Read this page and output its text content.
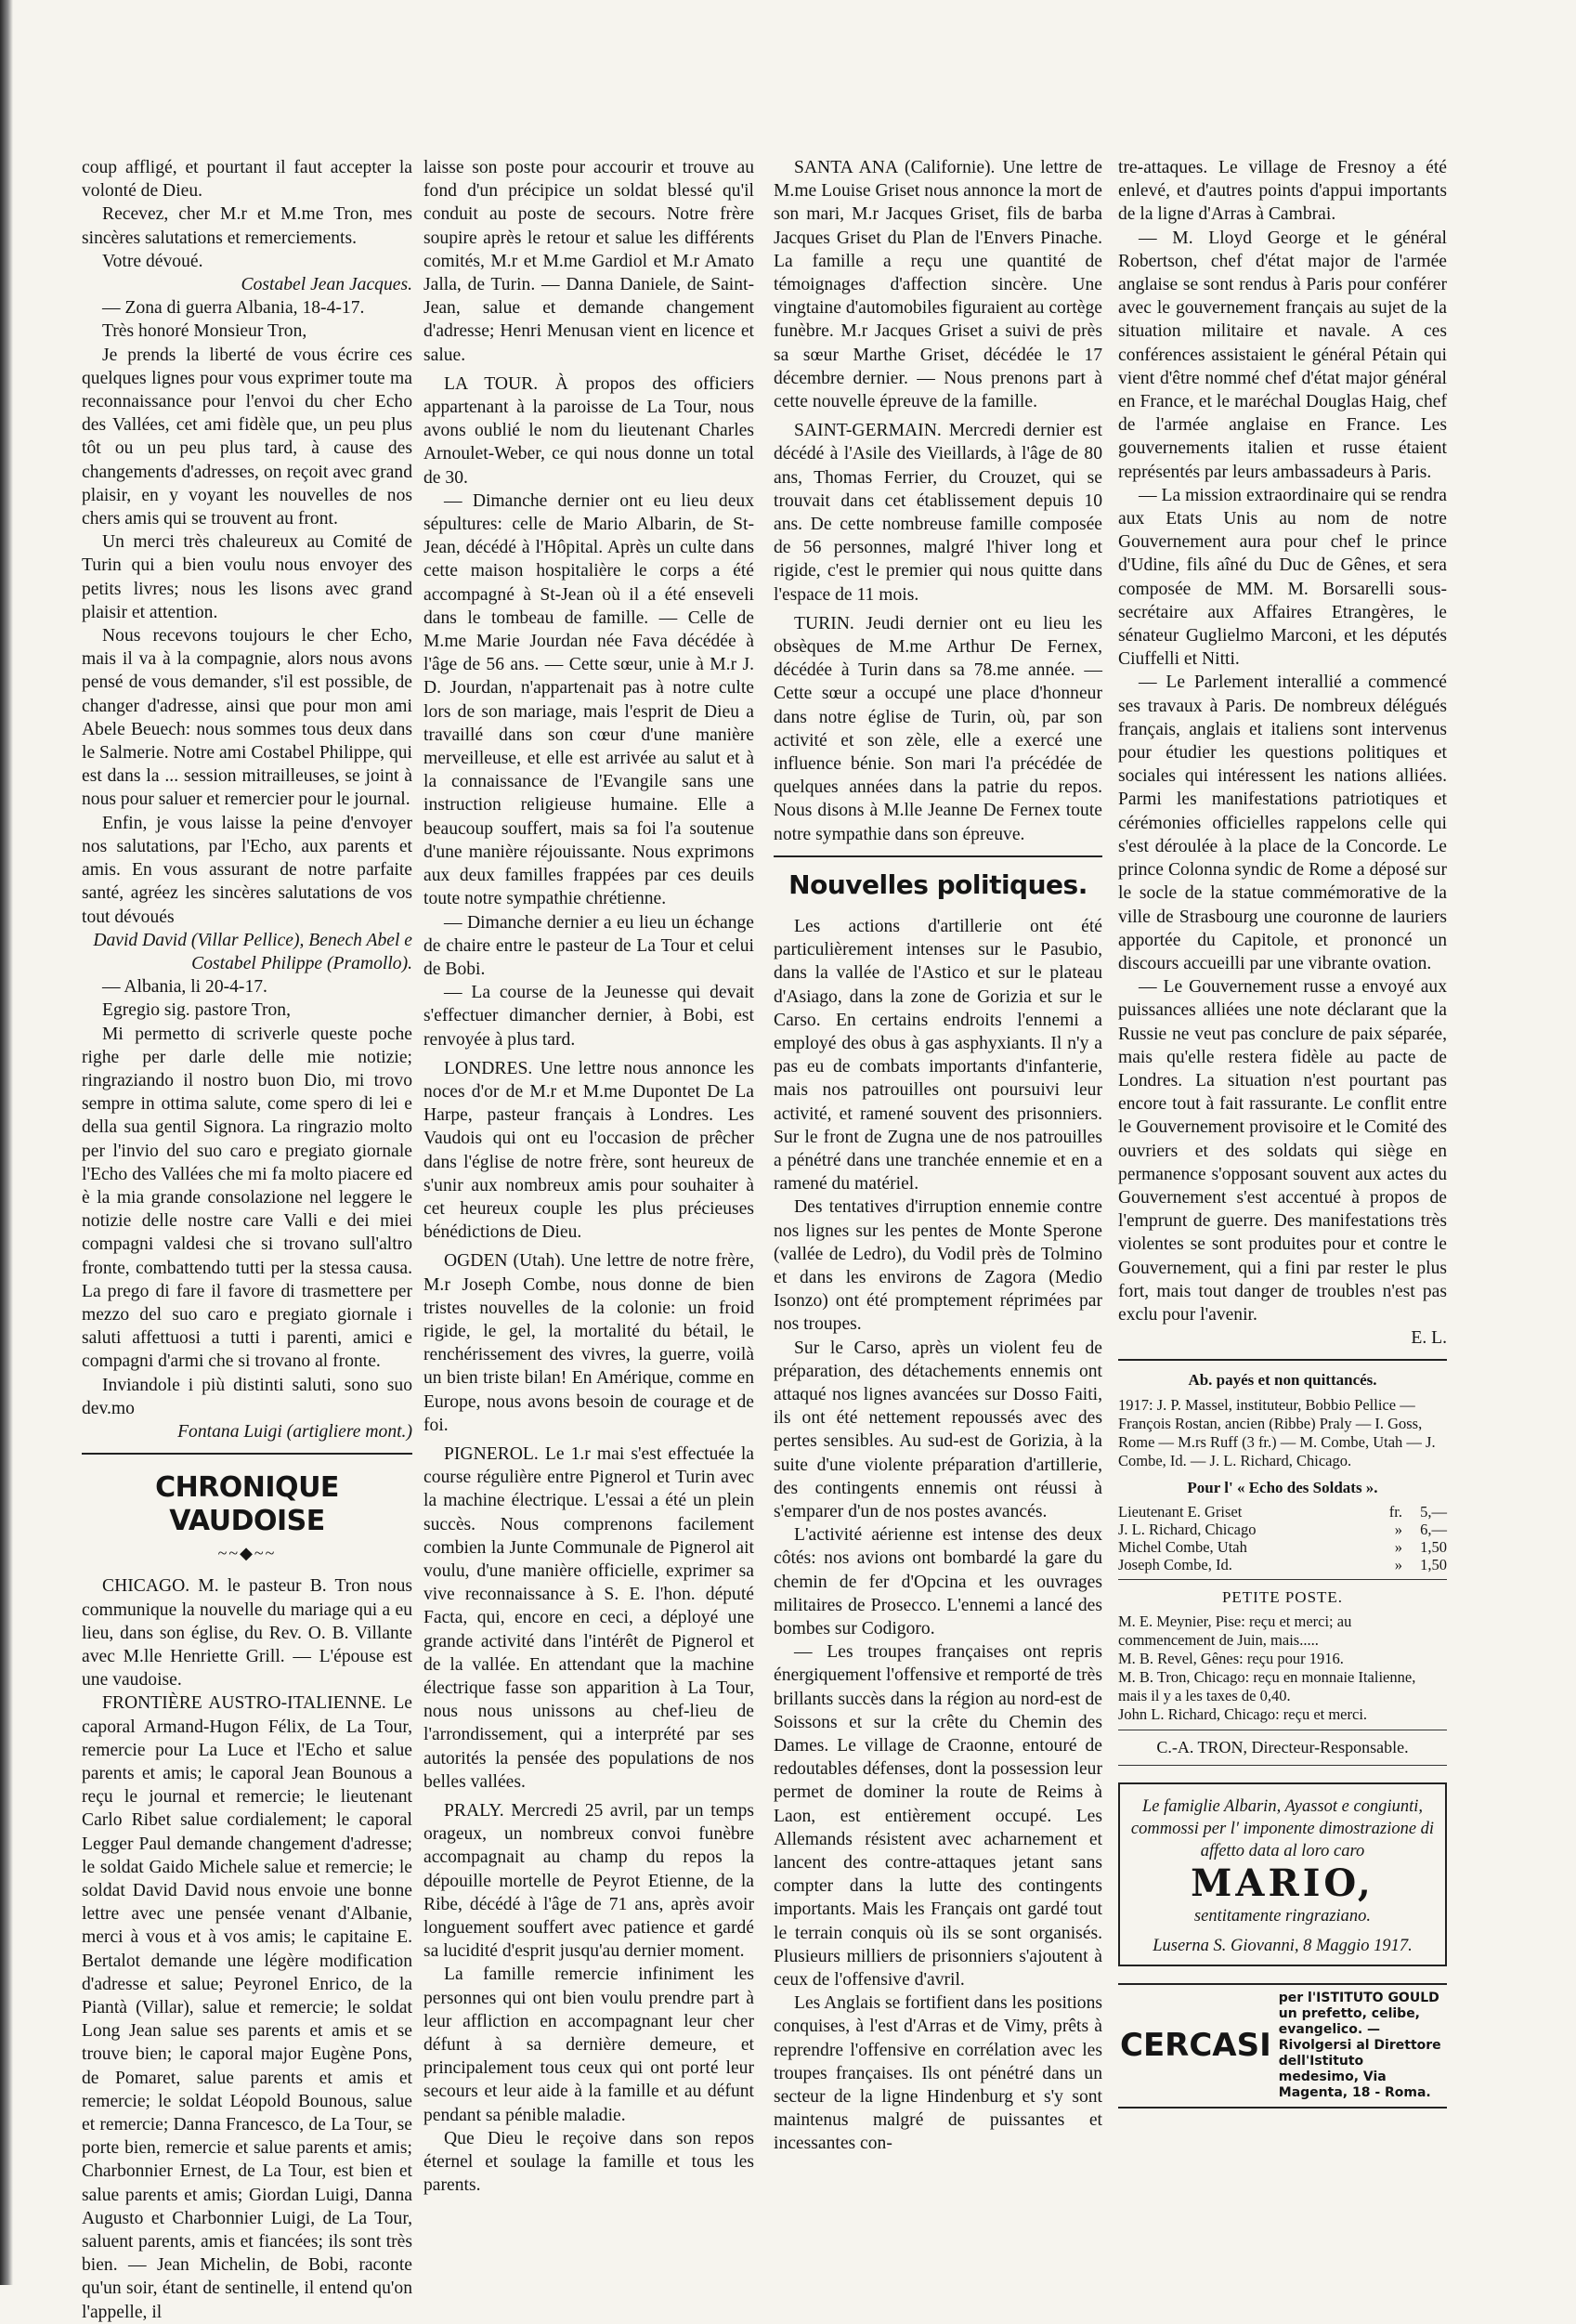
coup affligé, et pourtant il faut accepter la volonté de Dieu.

Recevez, cher M.r et M.me Tron, mes sincères salutations et remerciements.

Votre dévoué.

Costabel Jean Jacques.

— Zona di guerra Albania, 18-4-17.

Très honoré Monsieur Tron,

Je prends la liberté de vous écrire ces quelques lignes pour vous exprimer toute ma reconnaissance pour l'envoi du cher Echo des Vallées, cet ami fidèle que, un peu plus tôt ou un peu plus tard, à cause des changements d'adresses, on reçoit avec grand plaisir, en y voyant les nouvelles de nos chers amis qui se trouvent au front.

Un merci très chaleureux au Comité de Turin qui a bien voulu nous envoyer des petits livres; nous les lisons avec grand plaisir et attention.

Nous recevons toujours le cher Echo, mais il va à la compagnie, alors nous avons pensé de vous demander, s'il est possible, de changer d'adresse, ainsi que pour mon ami Abele Beuech: nous sommes tous deux dans le Salmerie. Notre ami Costabel Philippe, qui est dans la ... session mitrailleuses, se joint à nous pour saluer et remercier pour le journal.

Enfin, je vous laisse la peine d'envoyer nos salutations, par l'Echo, aux parents et amis. En vous assurant de notre parfaite santé, agréez les sincères salutations de vos tout dévoués

David David (Villar Pellice), Benech Abel e Costabel Philippe (Pramollo).

— Albania, li 20-4-17.

Egregio sig. pastore Tron,

Mi permetto di scriverle queste poche righe per darle delle mie notizie; ringraziando il nostro buon Dio, mi trovo sempre in ottima salute, come spero di lei e della sua gentil Signora. La ringrazio molto per l'invio del suo caro e pregiato giornale l'Echo des Vallées che mi fa molto piacere ed è la mia grande consolazione nel leggere le notizie delle nostre care Valli e dei miei compagni valdesi che si trovano sull'altro fronte, combattendo tutti per la stessa causa. La prego di fare il favore di trasmettere per mezzo del suo caro e pregiato giornale i saluti affettuosi a tutti i parenti, amici e compagni d'armi che si trovano al fronte.

Inviandole i più distinti saluti, sono suo dev.mo

Fontana Luigi (artigliere mont.)

CHRONIQUE VAUDOISE
~~◆~~

CHICAGO. M. le pasteur B. Tron nous communique la nouvelle du mariage qui a eu lieu, dans son église, du Rev. O. B. Villante avec M.lle Henriette Grill. — L'épouse est une vaudoise.

FRONTIÈRE AUSTRO-ITALIENNE. Le caporal Armand-Hugon Félix, de La Tour, remercie pour La Luce et l'Echo et salue parents et amis; le caporal Jean Bounous a reçu le journal et remercie; le lieutenant Carlo Ribet salue cordialement; le caporal Legger Paul demande changement d'adresse; le soldat Gaido Michele salue et remercie; le soldat David David nous envoie une bonne lettre avec une pensée venant d'Albanie, merci à vous et à vos amis; le capitaine E. Bertalot demande une légère modification d'adresse et salue; Peyronel Enrico, de la Piantà (Villar), salue et remercie; le soldat Long Jean salue ses parents et amis et se trouve bien; le caporal major Eugène Pons, de Pomaret, salue parents et amis et remercie; le soldat Léopold Bounous, salue et remercie; Danna Francesco, de La Tour, se porte bien, remercie et salue parents et amis; Charbonnier Ernest, de La Tour, est bien et salue parents et amis; Giordan Luigi, Danna Augusto et Charbonnier Luigi, de La Tour, saluent parents, amis et fiancées; ils sont très bien. — Jean Michelin, de Bobi, raconte qu'un soir, étant de sentinelle, il entend qu'on l'appelle, il

laisse son poste pour accourir et trouve au fond d'un précipice un soldat blessé qu'il conduit au poste de secours. Notre frère soupire après le retour et salue les différents comités, M.r et M.me Gardiol et M.r Amato Jalla, de Turin. — Danna Daniele, de Saint-Jean, salue et demande changement d'adresse; Henri Menusan vient en licence et salue.

LA TOUR. À propos des officiers appartenant à la paroisse de La Tour, nous avons oublié le nom du lieutenant Charles Arnoulet-Weber, ce qui nous donne un total de 30.

— Dimanche dernier ont eu lieu deux sépultures: celle de Mario Albarin, de St-Jean, décédé à l'Hôpital. Après un culte dans cette maison hospitalière le corps a été accompagné à St-Jean où il a été enseveli dans le tombeau de famille. — Celle de M.me Marie Jourdan née Fava décédée à l'âge de 56 ans. — Cette sœur, unie à M.r J. D. Jourdan, n'appartenait pas à notre culte lors de son mariage, mais l'esprit de Dieu a travaillé dans son cœur d'une manière merveilleuse, et elle est arrivée au salut et à la connaissance de l'Evangile sans une instruction religieuse humaine. Elle a beaucoup souffert, mais sa foi l'a soutenue d'une manière réjouissante. Nous exprimons aux deux familles frappées par ces deuils toute notre sympathie chrétienne.

— Dimanche dernier a eu lieu un échange de chaire entre le pasteur de La Tour et celui de Bobi.

— La course de la Jeunesse qui devait s'effectuer dimancher dernier, à Bobi, est renvoyée à plus tard.

LONDRES. Une lettre nous annonce les noces d'or de M.r et M.me Dupontet De La Harpe, pasteur français à Londres. Les Vaudois qui ont eu l'occasion de prêcher dans l'église de notre frère, sont heureux de s'unir aux nombreux amis pour souhaiter à cet heureux couple les plus précieuses bénédictions de Dieu.

OGDEN (Utah). Une lettre de notre frère, M.r Joseph Combe, nous donne de bien tristes nouvelles de la colonie: un froid rigide, le gel, la mortalité du bétail, le renchérissement des vivres, la guerre, voilà un bien triste bilan! En Amérique, comme en Europe, nous avons besoin de courage et de foi.

PIGNEROL. Le 1.r mai s'est effectuée la course régulière entre Pignerol et Turin avec la machine électrique. L'essai a été un plein succès. Nous comprenons facilement combien la Junte Communale de Pignerol ait voulu, d'une manière officielle, exprimer sa vive reconnaissance à S. E. l'hon. député Facta, qui, encore en ceci, a déployé une grande activité dans l'intérêt de Pignerol et de la vallée. En attendant que la machine électrique fasse son apparition à La Tour, nous nous unissons au chef-lieu de l'arrondissement, qui a interprété par ses autorités la pensée des populations de nos belles vallées.

PRALY. Mercredi 25 avril, par un temps orageux, un nombreux convoi funèbre accompagnait au champ du repos la dépouille mortelle de Peyrot Etienne, de la Ribe, décédé à l'âge de 71 ans, après avoir longuement souffert avec patience et gardé sa lucidité d'esprit jusqu'au dernier moment.

La famille remercie infiniment les personnes qui ont bien voulu prendre part à leur affliction en accompagnant leur cher défunt à sa dernière demeure, et principalement tous ceux qui ont porté leur secours et leur aide à la famille et au défunt pendant sa pénible maladie.

Que Dieu le reçoive dans son repos éternel et soulage la famille et tous les parents.

SANTA ANA (Californie). Une lettre de M.me Louise Griset nous annonce la mort de son mari, M.r Jacques Griset, fils de barba Jacques Griset du Plan de l'Envers Pinache. La famille a reçu une quantité de témoignages d'affection sincère. Une vingtaine d'automobiles figuraient au cortège funèbre. M.r Jacques Griset a suivi de près sa sœur Marthe Griset, décédée le 17 décembre dernier. — Nous prenons part à cette nouvelle épreuve de la famille.

SAINT-GERMAIN. Mercredi dernier est décédé à l'Asile des Vieillards, à l'âge de 80 ans, Thomas Ferrier, du Crouzet, qui se trouvait dans cet établissement depuis 10 ans. De cette nombreuse famille composée de 56 personnes, malgré l'hiver long et rigide, c'est le premier qui nous quitte dans l'espace de 11 mois.

TURIN. Jeudi dernier ont eu lieu les obsèques de M.me Arthur De Fernex, décédée à Turin dans sa 78.me année. — Cette sœur a occupé une place d'honneur dans notre église de Turin, où, par son activité et son zèle, elle a exercé une influence bénie. Son mari l'a précédée de quelques années dans la patrie du repos. Nous disons à M.lle Jeanne De Fernex toute notre sympathie dans son épreuve.

Nouvelles politiques.

Les actions d'artillerie ont été particulièrement intenses sur le Pasubio, dans la vallée de l'Astico et sur le plateau d'Asiago, dans la zone de Gorizia et sur le Carso. En certains endroits l'ennemi a employé des obus à gas asphyxiants. Il n'y a pas eu de combats importants d'infanterie, mais nos patrouilles ont poursuivi leur activité, et ramené souvent des prisonniers. Sur le front de Zugna une de nos patrouilles a pénétré dans une tranchée ennemie et en a ramené du matériel.

Des tentatives d'irruption ennemie contre nos lignes sur les pentes de Monte Sperone (vallée de Ledro), du Vodil près de Tolmino et dans les environs de Zagora (Medio Isonzo) ont été promptement réprimées par nos troupes.

Sur le Carso, après un violent feu de préparation, des détachements ennemis ont attaqué nos lignes avancées sur Dosso Faiti, ils ont été nettement repoussés avec des pertes sensibles. Au sud-est de Gorizia, à la suite d'une violente préparation d'artillerie, des contingents ennemis ont réussi à s'emparer d'un de nos postes avancés.

L'activité aérienne est intense des deux côtés: nos avions ont bombardé la gare du chemin de fer d'Opcina et les ouvrages militaires de Prosecco. L'ennemi a lancé des bombes sur Codigoro.

— Les troupes françaises ont repris énergiquement l'offensive et remporté de très brillants succès dans la région au nord-est de Soissons et sur la crête du Chemin des Dames. Le village de Craonne, entouré de redoutables défenses, dont la possession leur permet de dominer la route de Reims à Laon, est entièrement occupé. Les Allemands résistent avec acharnement et lancent des contre-attaques jetant sans compter dans la lutte des contingents importants. Mais les Français ont gardé tout le terrain conquis où ils se sont organisés. Plusieurs milliers de prisonniers s'ajoutent à ceux de l'offensive d'avril.

Les Anglais se fortifient dans les positions conquises, à l'est d'Arras et de Vimy, prêts à reprendre l'offensive en corrélation avec les troupes françaises. Ils ont pénétré dans un secteur de la ligne Hindenburg et s'y sont maintenus malgré de puissantes et incessantes con-

tre-attaques. Le village de Fresnoy a été enlevé, et d'autres points d'appui importants de la ligne d'Arras à Cambrai.

— M. Lloyd George et le général Robertson, chef d'état major de l'armée anglaise se sont rendus à Paris pour conférer avec le gouvernement français au sujet de la situation militaire et navale. A ces conférences assistaient le général Pétain qui vient d'être nommé chef d'état major général en France, et le maréchal Douglas Haig, chef de l'armée anglaise en France. Les gouvernements italien et russe étaient représentés par leurs ambassadeurs à Paris.

— La mission extraordinaire qui se rendra aux Etats Unis au nom de notre Gouvernement aura pour chef le prince d'Udine, fils aîné du Duc de Gênes, et sera composée de MM. M. Borsarelli sous-secrétaire aux Affaires Etrangères, le sénateur Guglielmo Marconi, et les députés Ciuffelli et Nitti.

— Le Parlement interallié a commencé ses travaux à Paris. De nombreux délégués français, anglais et italiens sont intervenus pour étudier les questions politiques et sociales qui intéressent les nations alliées. Parmi les manifestations patriotiques et cérémonies officielles rappelons celle qui s'est déroulée à la place de la Concorde. Le prince Colonna syndic de Rome a déposé sur le socle de la statue commémorative de la ville de Strasbourg une couronne de lauriers apportée du Capitole, et prononcé un discours accueilli par une vibrante ovation.

— Le Gouvernement russe a envoyé aux puissances alliées une note déclarant que la Russie ne veut pas conclure de paix séparée, mais qu'elle restera fidèle au pacte de Londres. La situation n'est pourtant pas encore tout à fait rassurante. Le conflit entre le Gouvernement provisoire et le Comité des ouvriers et des soldats qui siège en permanence s'opposant souvent aux actes du Gouvernement s'est accentué à propos de l'emprunt de guerre. Des manifestations très violentes se sont produites pour et contre le Gouvernement, qui a fini par rester le plus fort, mais tout danger de troubles n'est pas exclu pour l'avenir.

E. L.

Ab. payés et non quittancés.
1917: J. P. Massel, instituteur, Bobbio Pellice — François Rostan, ancien (Ribbe) Praly — I. Goss, Rome — M.rs Ruff (3 fr.) — M. Combe, Utah — J. Combe, Id. — J. L. Richard, Chicago.
Pour l' « Echo des Soldats ».
Lieutenant E. Griset	fr.	5,—
J. L. Richard, Chicago	»	6,—
Michel Combe, Utah	»	1,50
Joseph Combe, Id.	»	1,50
PETITE POSTE.

M. E. Meynier, Pise: reçu et merci; au commencement de Juin, mais.....

M. B. Revel, Gênes: reçu pour 1916.

M. B. Tron, Chicago: reçu en monnaie Italienne, mais il y a les taxes de 0,40.

John L. Richard, Chicago: reçu et merci.

C.-A. TRON, Directeur-Responsable.
Le famiglie Albarin, Ayassot e congiunti, commossi per l' imponente dimostrazione di affetto data al loro caro
MARIO,
sentitamente ringraziano.
Luserna S. Giovanni, 8 Maggio 1917.
CERCASI
per l'ISTITUTO GOULD un prefetto, celibe, evangelico. — Rivolgersi al Direttore dell'Istituto medesimo, Via Magenta, 18 - Roma.
